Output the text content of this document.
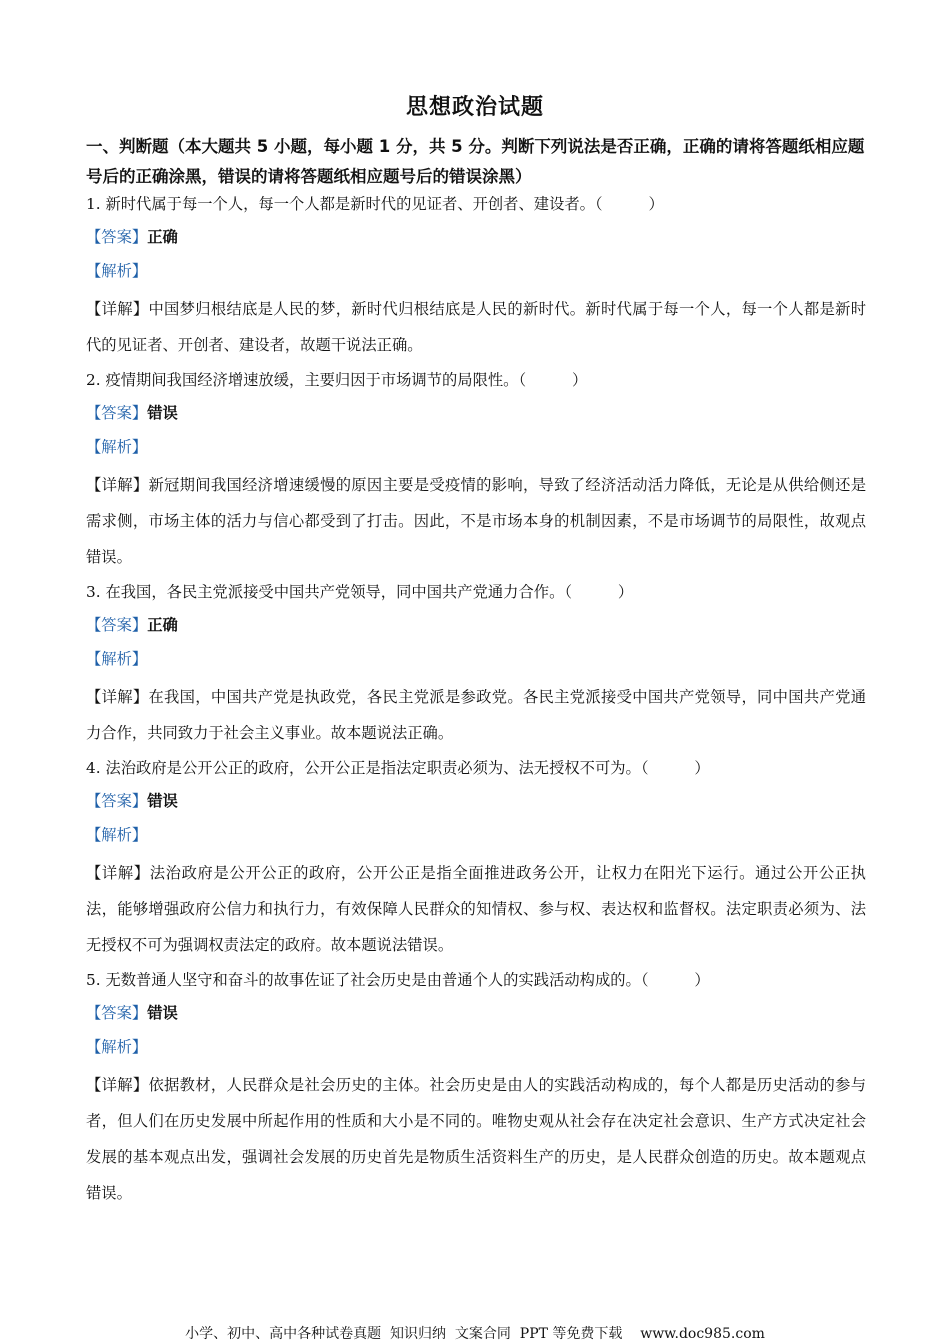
思想政治试题
一、判断题（本大题共 5 小题，每小题 1 分，共 5 分。判断下列说法是否正确，正确的请将答题纸相应题号后的正确涂黑，错误的请将答题纸相应题号后的错误涂黑）
1. 新时代属于每一个人，每一个人都是新时代的见证者、开创者、建设者。（　　　）
【答案】正确
【解析】
【详解】中国梦归根结底是人民的梦，新时代归根结底是人民的新时代。新时代属于每一个人，每一个人都是新时代的见证者、开创者、建设者，故题干说法正确。
2. 疫情期间我国经济增速放缓，主要归因于市场调节的局限性。（　　　）
【答案】错误
【解析】
【详解】新冠期间我国经济增速缓慢的原因主要是受疫情的影响，导致了经济活动活力降低，无论是从供给侧还是需求侧，市场主体的活力与信心都受到了打击。因此，不是市场本身的机制因素，不是市场调节的局限性，故观点错误。
3. 在我国，各民主党派接受中国共产党领导，同中国共产党通力合作。（　　　）
【答案】正确
【解析】
【详解】在我国，中国共产党是执政党，各民主党派是参政党。各民主党派接受中国共产党领导，同中国共产党通力合作，共同致力于社会主义事业。故本题说法正确。
4. 法治政府是公开公正的政府，公开公正是指法定职责必须为、法无授权不可为。（　　　）
【答案】错误
【解析】
【详解】法治政府是公开公正的政府，公开公正是指全面推进政务公开，让权力在阳光下运行。通过公开公正执法，能够增强政府公信力和执行力，有效保障人民群众的知情权、参与权、表达权和监督权。法定职责必须为、法无授权不可为强调权责法定的政府。故本题说法错误。
5. 无数普通人坚守和奋斗的故事佐证了社会历史是由普通个人的实践活动构成的。（　　　）
【答案】错误
【解析】
【详解】依据教材，人民群众是社会历史的主体。社会历史是由人的实践活动构成的，每个人都是历史活动的参与者，但人们在历史发展中所起作用的性质和大小是不同的。唯物史观从社会存在决定社会意识、生产方式决定社会发展的基本观点出发，强调社会发展的历史首先是物质生活资料生产的历史，是人民群众创造的历史。故本题观点错误。
小学、初中、高中各种试卷真题  知识归纳  文案合同  PPT 等免费下载    www.doc985.com
